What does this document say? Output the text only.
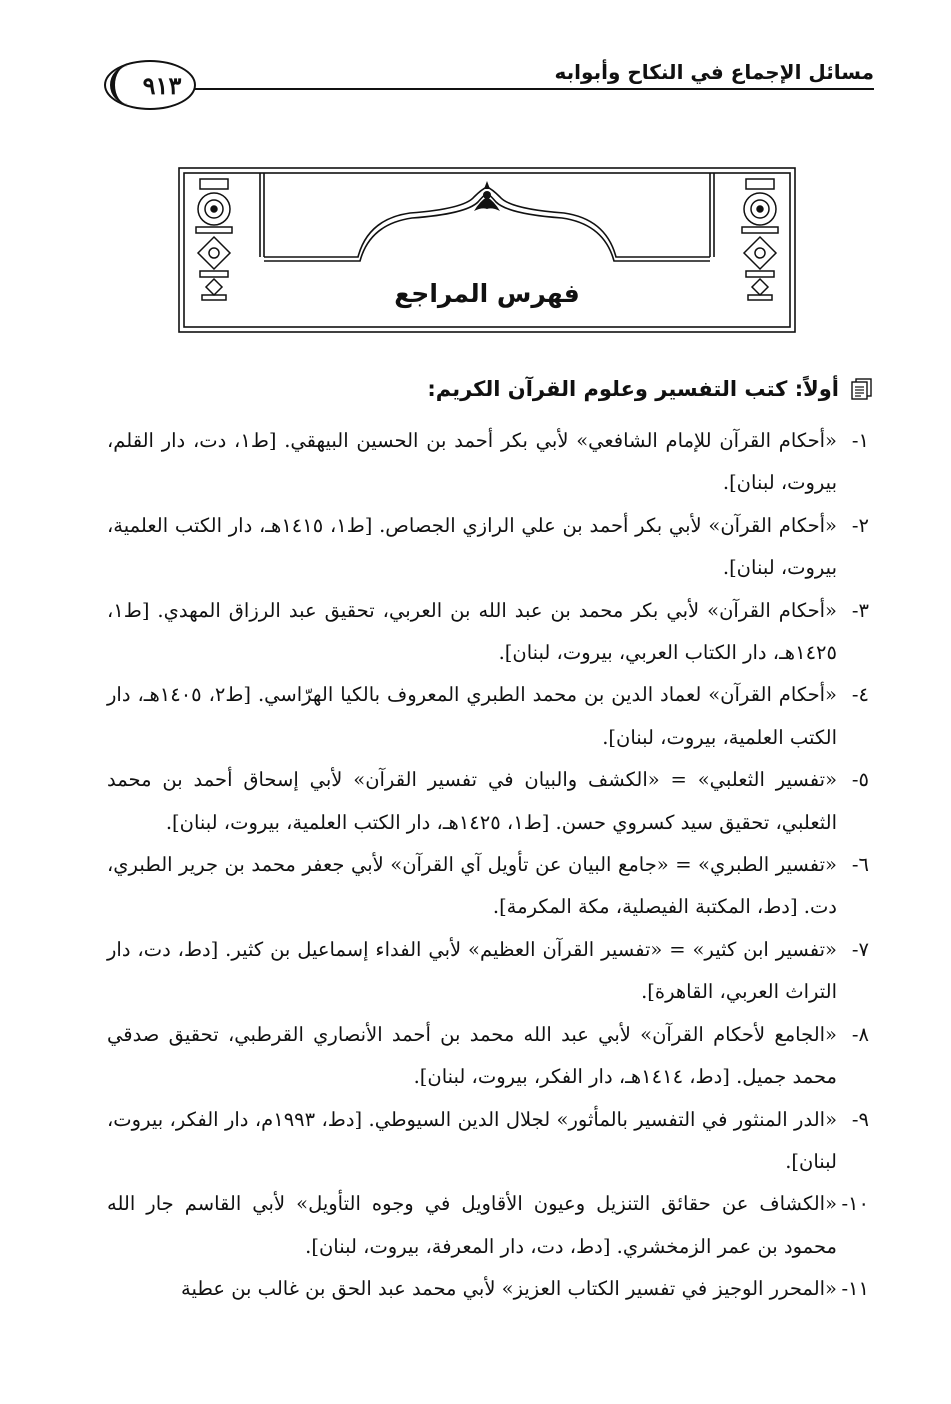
مسائل الإجماع في النكاح وأبوابه
٩١٣
فهرس المراجع
أولاً: كتب التفسير وعلوم القرآن الكريم:
١-
«أحكام القرآن للإمام الشافعي» لأبي بكر أحمد بن الحسين البيهقي. [ط١، دت، دار القلم، بيروت، لبنان].
٢-
«أحكام القرآن» لأبي بكر أحمد بن علي الرازي الجصاص. [ط١، ١٤١٥هـ، دار الكتب العلمية، بيروت، لبنان].
٣-
«أحكام القرآن» لأبي بكر محمد بن عبد الله بن العربي، تحقيق عبد الرزاق المهدي. [ط١، ١٤٢٥هـ، دار الكتاب العربي، بيروت، لبنان].
٤-
«أحكام القرآن» لعماد الدين بن محمد الطبري المعروف بالكيا الهرّاسي. [ط٢، ١٤٠٥هـ، دار الكتب العلمية، بيروت، لبنان].
٥-
«تفسير الثعلبي» = «الكشف والبيان في تفسير القرآن» لأبي إسحاق أحمد بن محمد الثعلبي، تحقيق سيد كسروي حسن. [ط١، ١٤٢٥هـ، دار الكتب العلمية، بيروت، لبنان].
٦-
«تفسير الطبري» = «جامع البيان عن تأويل آي القرآن» لأبي جعفر محمد بن جرير الطبري، دت. [دط، المكتبة الفيصلية، مكة المكرمة].
٧-
«تفسير ابن كثير» = «تفسير القرآن العظيم» لأبي الفداء إسماعيل بن كثير. [دط، دت، دار التراث العربي، القاهرة].
٨-
«الجامع لأحكام القرآن» لأبي عبد الله محمد بن أحمد الأنصاري القرطبي، تحقيق صدقي محمد جميل. [دط، ١٤١٤هـ، دار الفكر، بيروت، لبنان].
٩-
«الدر المنثور في التفسير بالمأثور» لجلال الدين السيوطي. [دط، ١٩٩٣م، دار الفكر، بيروت، لبنان].
١٠-
«الكشاف عن حقائق التنزيل وعيون الأقاويل في وجوه التأويل» لأبي القاسم جار الله محمود بن عمر الزمخشري. [دط، دت، دار المعرفة، بيروت، لبنان].
١١-
«المحرر الوجيز في تفسير الكتاب العزيز» لأبي محمد عبد الحق بن غالب بن عطية
